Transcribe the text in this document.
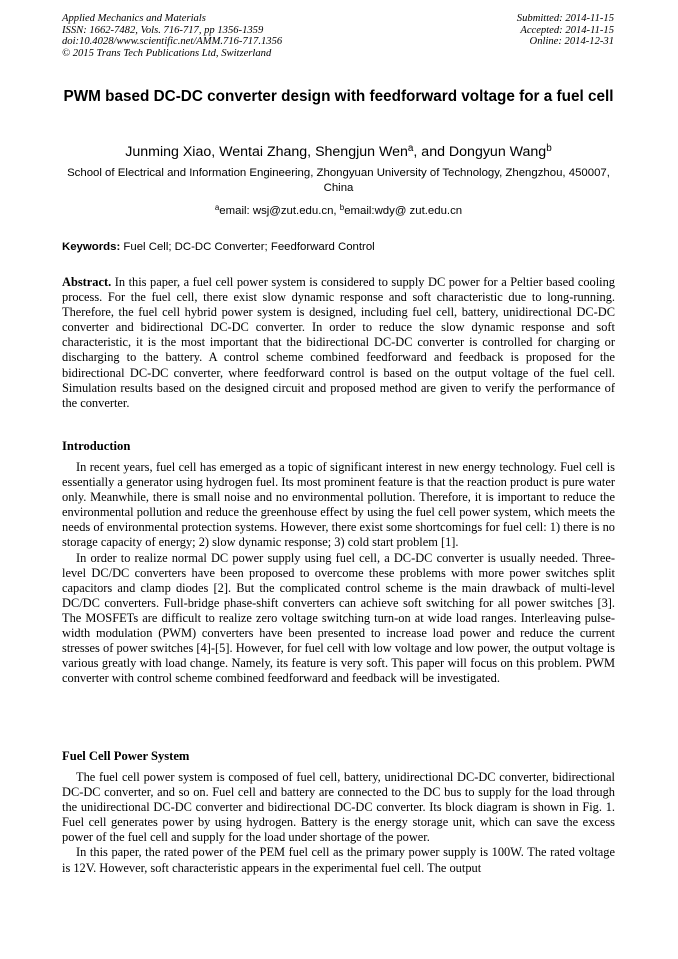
Applied Mechanics and Materials
ISSN: 1662-7482, Vols. 716-717, pp 1356-1359
doi:10.4028/www.scientific.net/AMM.716-717.1356
© 2015 Trans Tech Publications Ltd, Switzerland
Submitted: 2014-11-15
Accepted: 2014-11-15
Online: 2014-12-31
PWM based DC-DC converter design with feedforward voltage for a fuel cell
Junming Xiao, Wentai Zhang, Shengjun Wen$^a$, and Dongyun Wang$^b$
School of Electrical and Information Engineering, Zhongyuan University of Technology, Zhengzhou, 450007, China
$^a$email: wsj@zut.edu.cn, $^b$email:wdy@ zut.edu.cn
Keywords: Fuel Cell; DC-DC Converter; Feedforward Control
Abstract. In this paper, a fuel cell power system is considered to supply DC power for a Peltier based cooling process. For the fuel cell, there exist slow dynamic response and soft characteristic due to long-running. Therefore, the fuel cell hybrid power system is designed, including fuel cell, battery, unidirectional DC-DC converter and bidirectional DC-DC converter. In order to reduce the slow dynamic response and soft characteristic, it is the most important that the bidirectional DC-DC converter is controlled for charging or discharging to the battery. A control scheme combined feedforward and feedback is proposed for the bidirectional DC-DC converter, where feedforward control is based on the output voltage of the fuel cell. Simulation results based on the designed circuit and proposed method are given to verify the performance of the converter.
Introduction

In recent years, fuel cell has emerged as a topic of significant interest in new energy technology. Fuel cell is essentially a generator using hydrogen fuel. Its most prominent feature is that the reaction product is pure water only. Meanwhile, there is small noise and no environmental pollution. Therefore, it is important to reduce the environmental pollution and reduce the greenhouse effect by using the fuel cell power system, which meets the needs of environmental protection systems. However, there exist some shortcomings for fuel cell: 1) there is no storage capacity of energy; 2) slow dynamic response; 3) cold start problem [1].

In order to realize normal DC power supply using fuel cell, a DC-DC converter is usually needed. Three-level DC/DC converters have been proposed to overcome these problems with more power switches split capacitors and clamp diodes [2]. But the complicated control scheme is the main drawback of multi-level DC/DC converters. Full-bridge phase-shift converters can achieve soft switching for all power switches [3]. The MOSFETs are difficult to realize zero voltage switching turn-on at wide load ranges. Interleaving pulse-width modulation (PWM) converters have been presented to increase load power and reduce the current stresses of power switches [4]-[5]. However, for fuel cell with low voltage and low power, the output voltage is various greatly with load change. Namely, its feature is very soft. This paper will focus on this problem. PWM converter with control scheme combined feedforward and feedback will be investigated.

Fuel Cell Power System

The fuel cell power system is composed of fuel cell, battery, unidirectional DC-DC converter, bidirectional DC-DC converter, and so on. Fuel cell and battery are connected to the DC bus to supply for the load through the unidirectional DC-DC converter and bidirectional DC-DC converter. Its block diagram is shown in Fig. 1. Fuel cell generates power by using hydrogen. Battery is the energy storage unit, which can save the excess power of the fuel cell and supply for the load under shortage of the power.

In this paper, the rated power of the PEM fuel cell as the primary power supply is 100W. The rated voltage is 12V. However, soft characteristic appears in the experimental fuel cell. The output
